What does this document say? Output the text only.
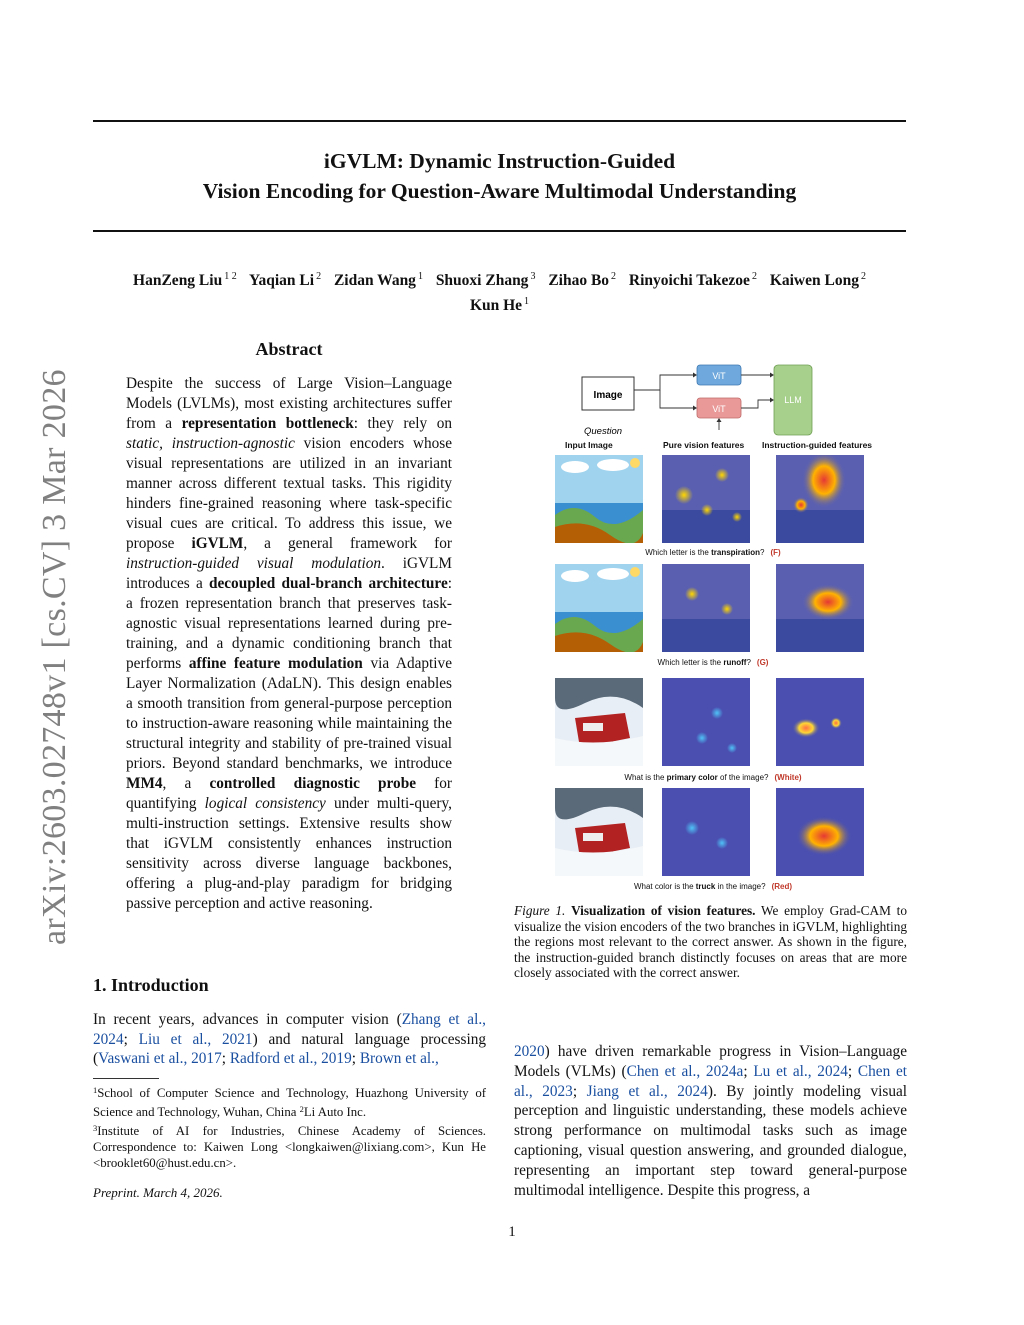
iGVLM: Dynamic Instruction-Guided
Vision Encoding for Question-Aware Multimodal Understanding
HanZeng Liu $^{1 2}$ Yaqian Li $^2$ Zidan Wang $^1$ Shuoxi Zhang $^3$ Zihao Bo $^2$ Rinyoichi Takezoe $^2$ Kaiwen Long $^2$
Kun He $^1$
arXiv:2603.02748v1 [cs.CV] 3 Mar 2026
Abstract
Despite the success of Large Vision–Language Models (LVLMs), most existing architectures suffer from a representation bottleneck: they rely on static, instruction-agnostic vision encoders whose visual representations are utilized in an invariant manner across different textual tasks. This rigidity hinders fine-grained reasoning where task-specific visual cues are critical. To address this issue, we propose iGVLM, a general framework for instruction-guided visual modulation. iGVLM introduces a decoupled dual-branch architecture: a frozen representation branch that preserves task-agnostic visual representations learned during pre-training, and a dynamic conditioning branch that performs affine feature modulation via Adaptive Layer Normalization (AdaLN). This design enables a smooth transition from general-purpose perception to instruction-aware reasoning while maintaining the structural integrity and stability of pre-trained visual priors. Beyond standard benchmarks, we introduce MM4, a controlled diagnostic probe for quantifying logical consistency under multi-query, multi-instruction settings. Extensive results show that iGVLM consistently enhances instruction sensitivity across diverse language backbones, offering a plug-and-play paradigm for bridging passive perception and active reasoning.
1. Introduction
In recent years, advances in computer vision (Zhang et al., 2024; Liu et al., 2021) and natural language processing (Vaswani et al., 2017; Radford et al., 2019; Brown et al.,
$^1$School of Computer Science and Technology, Huazhong University of Science and Technology, Wuhan, China $^2$Li Auto Inc.
$^3$Institute of AI for Industries, Chinese Academy of Sciences. Correspondence to: Kaiwen Long <longkaiwen@lixiang.com>, Kun He <brooklet60@hust.edu.cn>.
Preprint. March 4, 2026.
1
Image
ViT
ViT
LLM
Question
Input Image	Pure vision features Instruction-guided features
Which letter is the transpiration? (F)
Which letter is the runoff? (G)
What is the primary color of the image? (White)
What color is the truck in the image? (Red)
Figure 1. Visualization of vision features. We employ Grad-CAM to visualize the vision encoders of the two branches in iGVLM, highlighting the regions most relevant to the correct answer. As shown in the figure, the instruction-guided branch distinctly focuses on areas that are more closely associated with the correct answer.
2020) have driven remarkable progress in Vision–Language Models (VLMs) (Chen et al., 2024a; Lu et al., 2024; Chen et al., 2023; Jiang et al., 2024). By jointly modeling visual perception and linguistic understanding, these models achieve strong performance on multimodal tasks such as image captioning, visual question answering, and grounded dialogue, representing an important step toward general-purpose multimodal intelligence. Despite this progress, a
